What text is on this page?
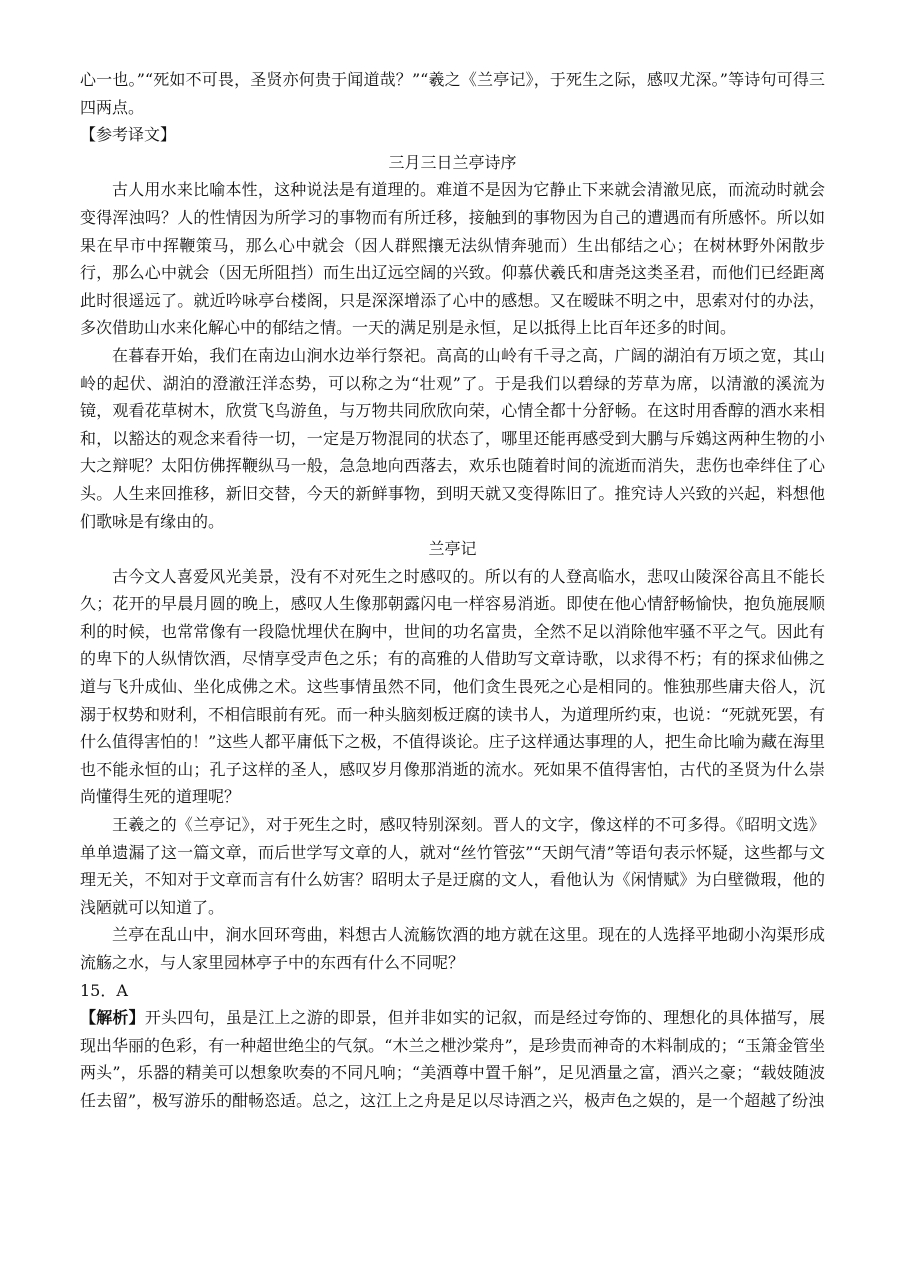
心一也。”“死如不可畏，圣贤亦何贵于闻道哉？”“羲之《兰亭记》，于死生之际，感叹尤深。”等诗句可得三四两点。

【参考译文】

三月三日兰亭诗序

古人用水来比喻本性，这种说法是有道理的。难道不是因为它静止下来就会清澈见底，而流动时就会变得浑浊吗？人的性情因为所学习的事物而有所迁移，接触到的事物因为自己的遭遇而有所感怀。所以如果在早市中挥鞭策马，那么心中就会（因人群熙攘无法纵情奔驰而）生出郁结之心；在树林野外闲散步行，那么心中就会（因无所阻挡）而生出辽远空阔的兴致。仰慕伏羲氏和唐尧这类圣君，而他们已经距离此时很遥远了。就近吟咏亭台楼阁，只是深深增添了心中的感想。又在暧昧不明之中，思索对付的办法，多次借助山水来化解心中的郁结之情。一天的满足别是永恒，足以抵得上比百年还多的时间。

在暮春开始，我们在南边山涧水边举行祭祀。高高的山岭有千寻之高，广阔的湖泊有万顷之宽，其山岭的起伏、湖泊的澄澈汪洋态势，可以称之为“壮观”了。于是我们以碧绿的芳草为席，以清澈的溪流为镜，观看花草树木，欣赏飞鸟游鱼，与万物共同欣欣向荣，心情全都十分舒畅。在这时用香醇的酒水来相和，以豁达的观念来看待一切，一定是万物混同的状态了，哪里还能再感受到大鹏与斥鴳这两种生物的小大之辩呢？太阳仿佛挥鞭纵马一般，急急地向西落去，欢乐也随着时间的流逝而消失，悲伤也牵绊住了心头。人生来回推移，新旧交替，今天的新鲜事物，到明天就又变得陈旧了。推究诗人兴致的兴起，料想他们歌咏是有缘由的。

兰亭记

古今文人喜爱风光美景，没有不对死生之时感叹的。所以有的人登高临水，悲叹山陵深谷高且不能长久；花开的早晨月圆的晚上，感叹人生像那朝露闪电一样容易消逝。即使在他心情舒畅愉快，抱负施展顺利的时候，也常常像有一段隐忧埋伏在胸中，世间的功名富贵，全然不足以消除他牢骚不平之气。因此有的卑下的人纵情饮酒，尽情享受声色之乐；有的高雅的人借助写文章诗歌，以求得不朽；有的探求仙佛之道与飞升成仙、坐化成佛之术。这些事情虽然不同，他们贪生畏死之心是相同的。惟独那些庸夫俗人，沉溺于权势和财利，不相信眼前有死。而一种头脑刻板迂腐的读书人，为道理所约束，也说：“死就死罢，有什么值得害怕的！”这些人都平庸低下之极，不值得谈论。庄子这样通达事理的人，把生命比喻为藏在海里也不能永恒的山；孔子这样的圣人，感叹岁月像那消逝的流水。死如果不值得害怕，古代的圣贤为什么崇尚懂得生死的道理呢？

王羲之的《兰亭记》，对于死生之时，感叹特别深刻。晋人的文字，像这样的不可多得。《昭明文选》单单遗漏了这一篇文章，而后世学写文章的人，就对“丝竹管弦”“天朗气清”等语句表示怀疑，这些都与文理无关，不知对于文章而言有什么妨害？昭明太子是迂腐的文人，看他认为《闲情赋》为白壁微瑕，他的浅陋就可以知道了。

兰亭在乱山中，涧水回环弯曲，料想古人流觞饮酒的地方就在这里。现在的人选择平地砌小沟渠形成流觞之水，与人家里园林亭子中的东西有什么不同呢？

15．A

【解析】开头四句，虽是江上之游的即景，但并非如实的记叙，而是经过夸饰的、理想化的具体描写，展现出华丽的色彩，有一种超世绝尘的气氛。“木兰之枻沙棠舟”，是珍贵而神奇的木料制成的；“玉箫金管坐两头”，乐器的精美可以想象吹奏的不同凡响；“美酒尊中置千斛”，足见酒量之富，酒兴之豪；“载妓随波任去留”，极写游乐的酣畅恣适。总之，这江上之舟是足以尽诗酒之兴，极声色之娱的，是一个超越了纷浊
